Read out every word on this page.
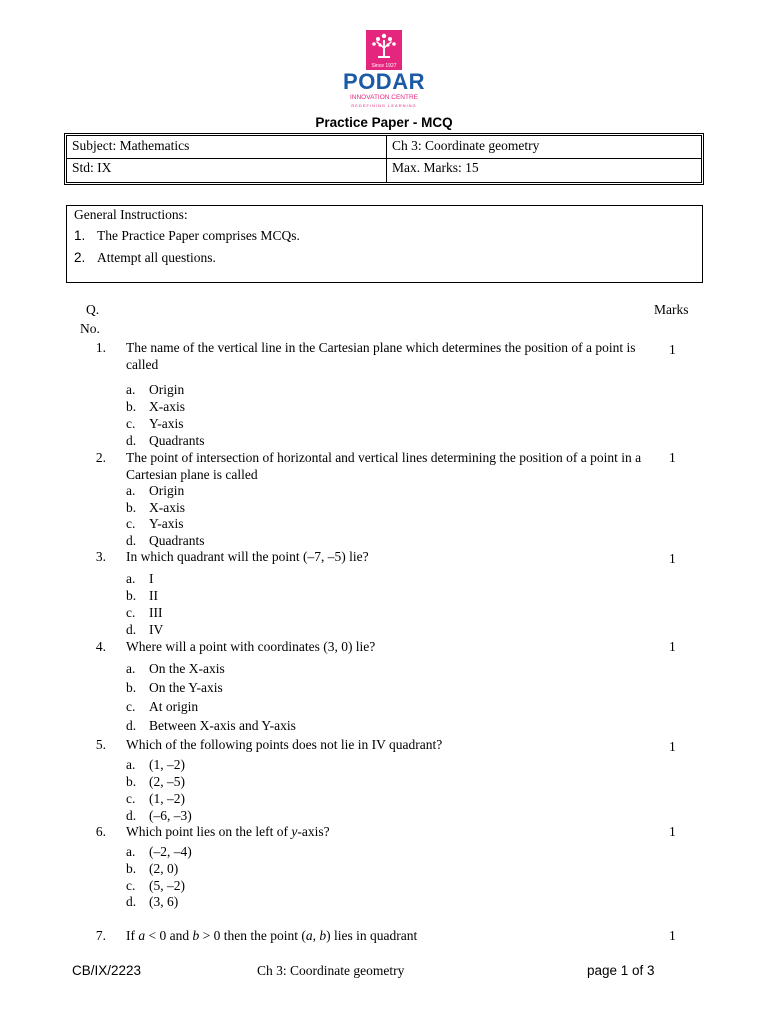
Since 1927
PODAR
INNOVATION CENTRE
REDEFINING LEARNING
Practice Paper - MCQ
Subject: Mathematics	Ch 3: Coordinate geometry
Std: IX	Max. Marks: 15
General Instructions:
1. The Practice Paper comprises MCQs.
2. Attempt all questions.
Q.
No.
Marks
1. The name of the vertical line in the Cartesian plane which determines the position of a point is called
1
a. Origin
b. X-axis
c. Y-axis
d. Quadrants
2. The point of intersection of horizontal and vertical lines determining the position of a point in a Cartesian plane is called
1
a. Origin
b. X-axis
c. Y-axis
d. Quadrants
3. In which quadrant will the point (–7, –5) lie?	1
a. I
b. II
c. III
d. IV
4. Where will a point with coordinates (3, 0) lie?	1
a. On the X-axis
b. On the Y-axis
c. At origin
d. Between X-axis and Y-axis
5. Which of the following points does not lie in IV quadrant?	1
a. (1, –2)
b. (2, –5)
c. (1, –2)
d. (–6, –3)
6. Which point lies on the left of y-axis?	1
a. (–2, –4)
b. (2, 0)
c. (5, –2)
d. (3, 6)
7. If a < 0 and b > 0 then the point (a, b) lies in quadrant	1
CB/IX/2223	Ch 3: Coordinate geometry	page 1 of 3
